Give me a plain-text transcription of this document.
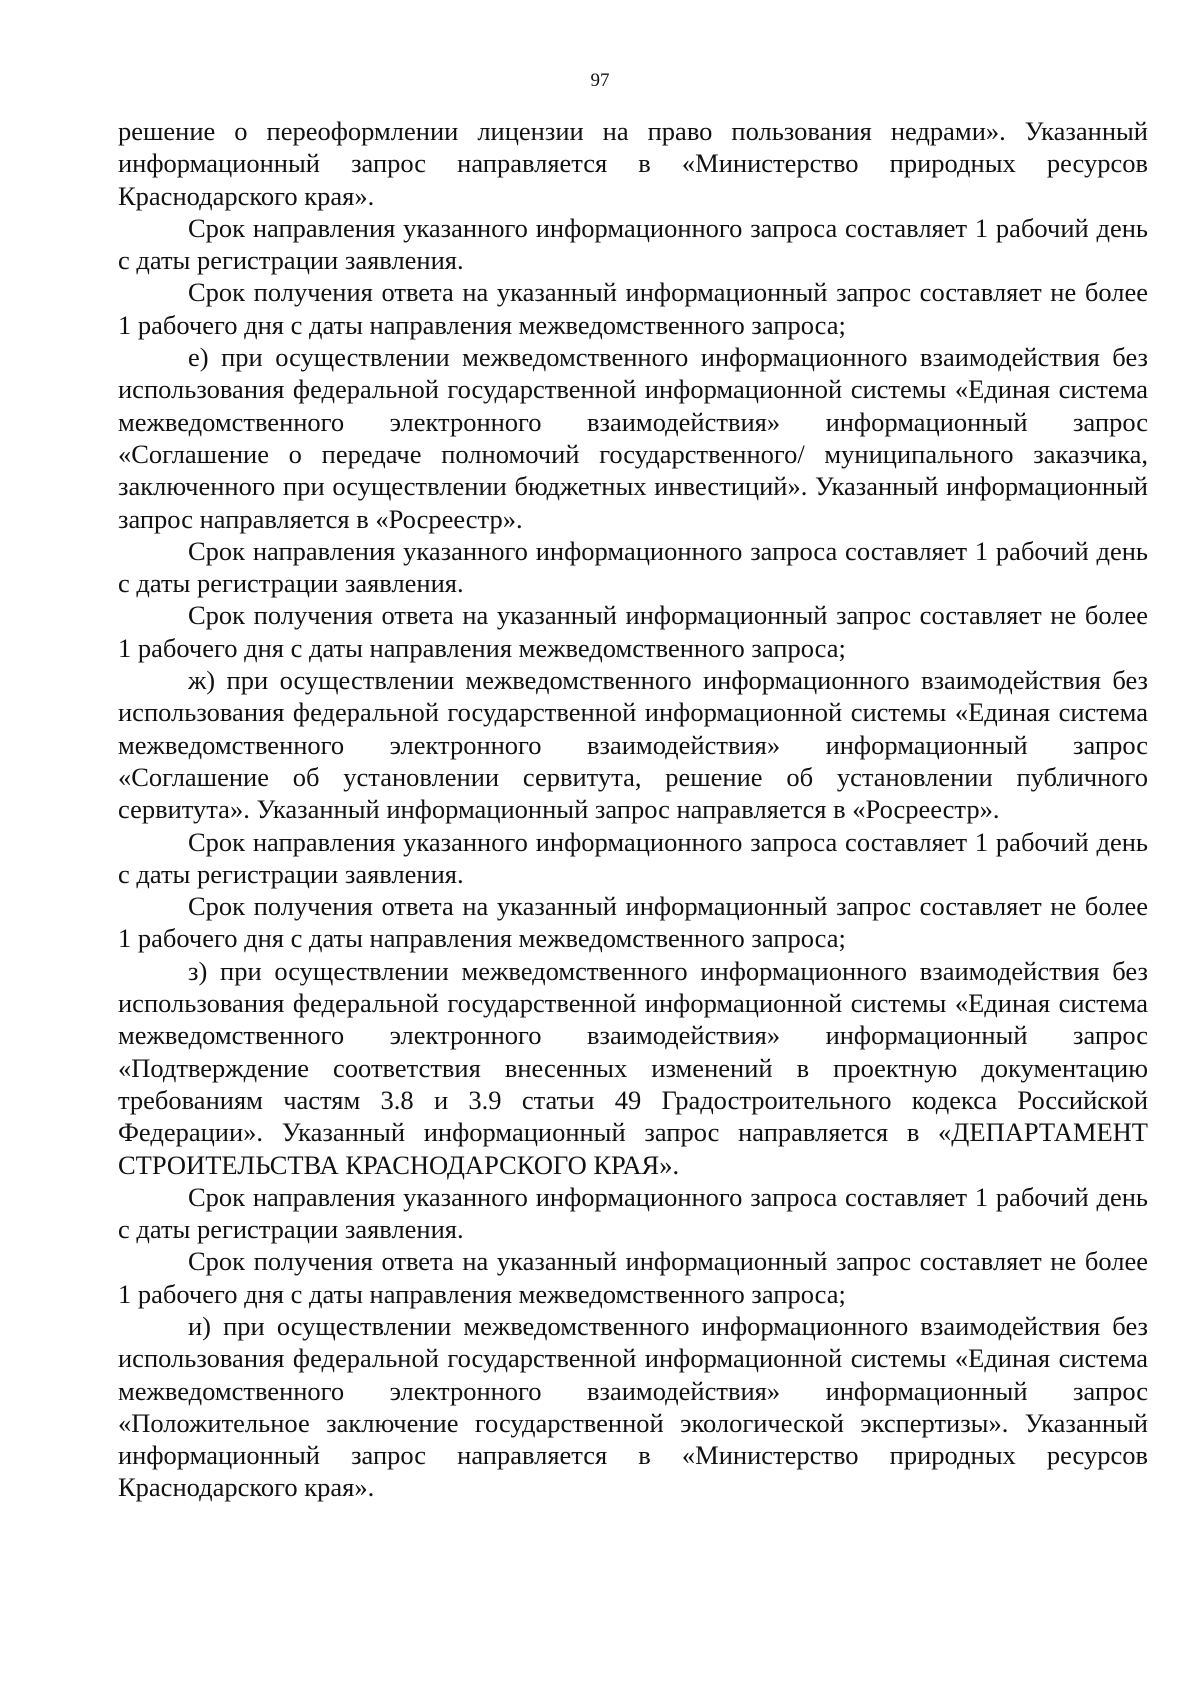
97

решение о переоформлении лицензии на право пользования недрами». Указанный информационный запрос направляется в «Министерство природных ресурсов Краснодарского края».

Срок направления указанного информационного запроса составляет 1 рабочий день с даты регистрации заявления.

Срок получения ответа на указанный информационный запрос составляет не более 1 рабочего дня с даты направления межведомственного запроса;

е) при осуществлении межведомственного информационного взаимодействия без использования федеральной государственной информационной системы «Единая система межведомственного электронного взаимодействия» информационный запрос «Соглашение о передаче полномочий государственного/ муниципального заказчика, заключенного при осуществлении бюджетных инвестиций». Указанный информационный запрос направляется в «Росреестр».

Срок направления указанного информационного запроса составляет 1 рабочий день с даты регистрации заявления.

Срок получения ответа на указанный информационный запрос составляет не более 1 рабочего дня с даты направления межведомственного запроса;

ж) при осуществлении межведомственного информационного взаимодействия без использования федеральной государственной информационной системы «Единая система межведомственного электронного взаимодействия» информационный запрос «Соглашение об установлении сервитута, решение об установлении публичного сервитута». Указанный информационный запрос направляется в «Росреестр».

Срок направления указанного информационного запроса составляет 1 рабочий день с даты регистрации заявления.

Срок получения ответа на указанный информационный запрос составляет не более 1 рабочего дня с даты направления межведомственного запроса;

з) при осуществлении межведомственного информационного взаимодействия без использования федеральной государственной информационной системы «Единая система межведомственного электронного взаимодействия» информационный запрос «Подтверждение соответствия внесенных изменений в проектную документацию требованиям частям 3.8 и 3.9 статьи 49 Градостроительного кодекса Российской Федерации». Указанный информационный запрос направляется в «ДЕПАРТАМЕНТ СТРОИТЕЛЬСТВА КРАСНОДАРСКОГО КРАЯ».

Срок направления указанного информационного запроса составляет 1 рабочий день с даты регистрации заявления.

Срок получения ответа на указанный информационный запрос составляет не более 1 рабочего дня с даты направления межведомственного запроса;

и) при осуществлении межведомственного информационного взаимодействия без использования федеральной государственной информационной системы «Единая система межведомственного электронного взаимодействия» информационный запрос «Положительное заключение государственной экологической экспертизы». Указанный информационный запрос направляется в «Министерство природных ресурсов Краснодарского края».
